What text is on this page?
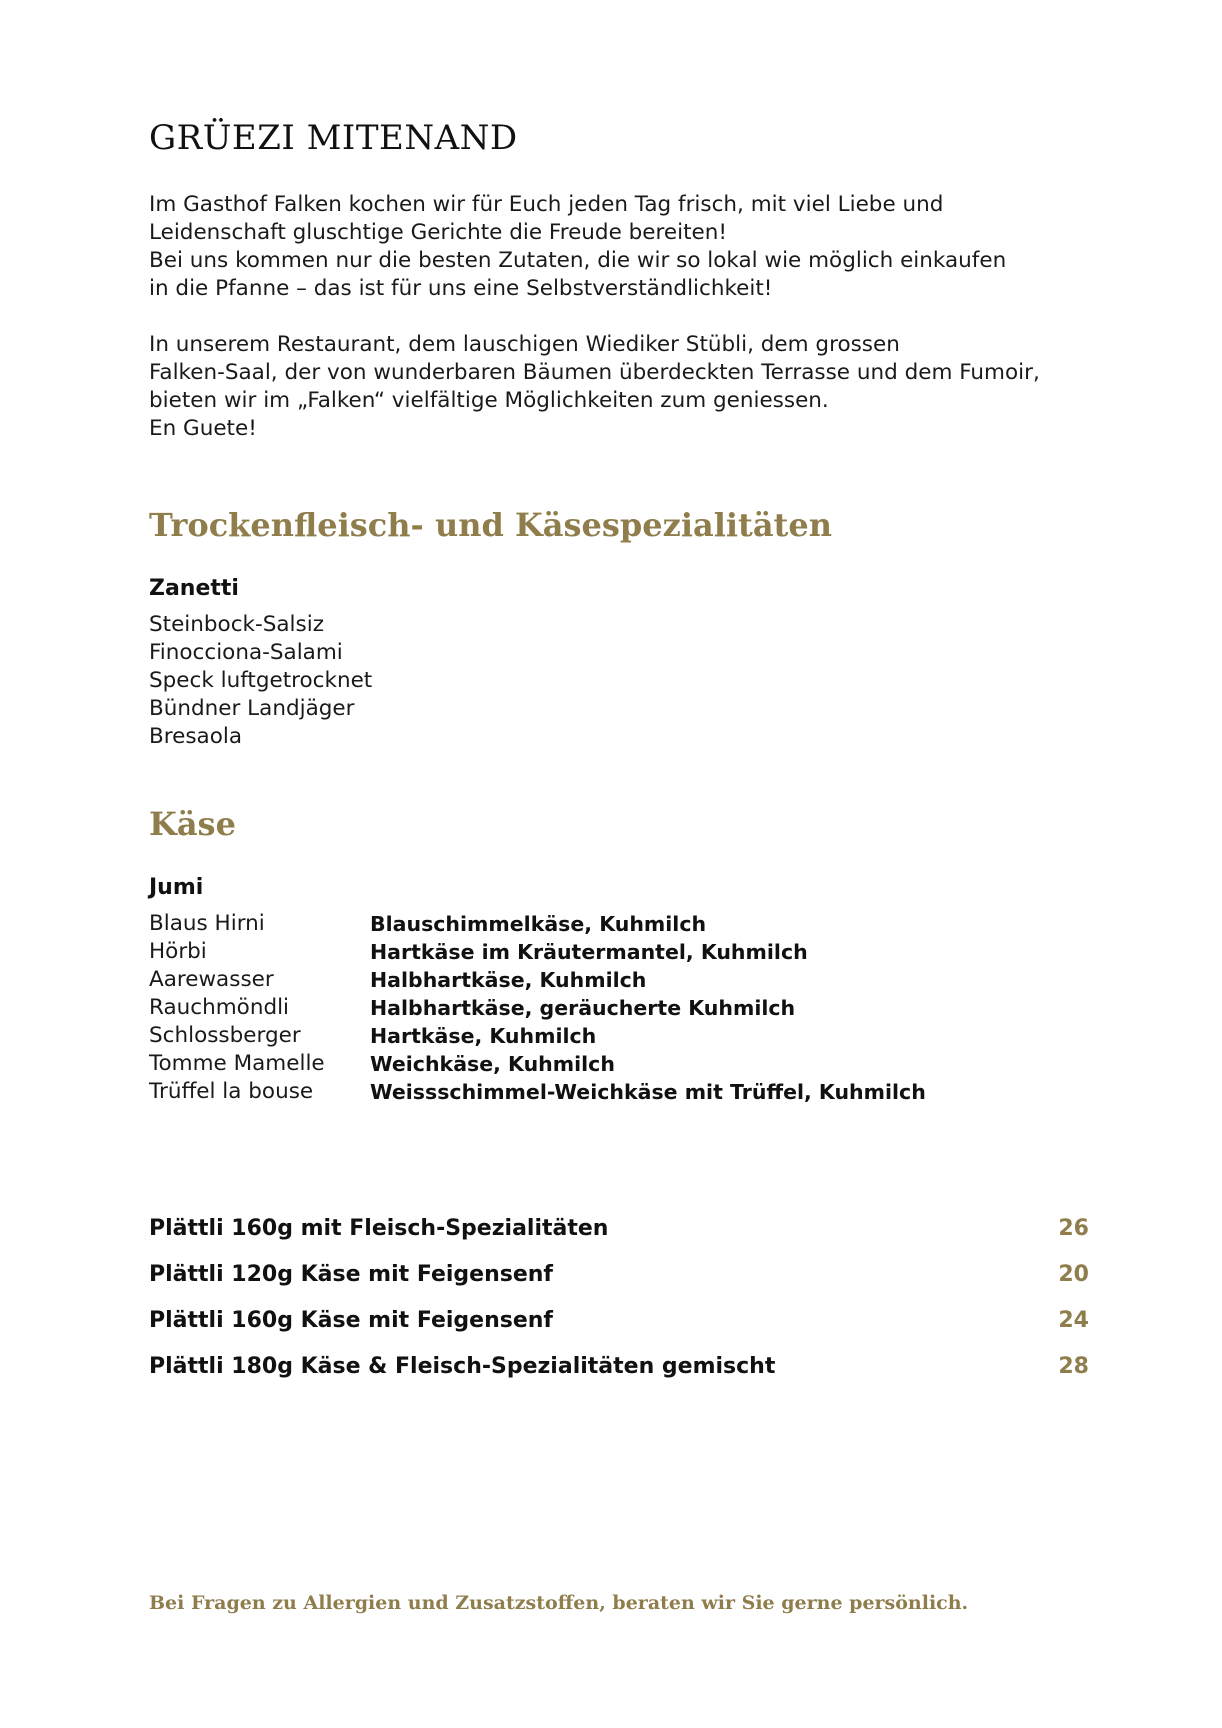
GRÜEZI MITENAND

Im Gasthof Falken kochen wir für Euch jeden Tag frisch, mit viel Liebe und
Leidenschaft gluschtige Gerichte die Freude bereiten!
Bei uns kommen nur die besten Zutaten, die wir so lokal wie möglich einkaufen
in die Pfanne – das ist für uns eine Selbstverständlichkeit!

In unserem Restaurant, dem lauschigen Wiediker Stübli, dem grossen
Falken-Saal, der von wunderbaren Bäumen überdeckten Terrasse und dem Fumoir,
bieten wir im „Falken“ vielfältige Möglichkeiten zum geniessen.
En Guete!

Trockenfleisch- und Käsespezialitäten
Zanetti
Steinbock-Salsiz
Finocciona-Salami
Speck luftgetrocknet
Bündner Landjäger
Bresaola
Käse
Jumi
Blaus Hirni	Blauschimmelkäse, Kuhmilch
Hörbi	Hartkäse im Kräutermantel, Kuhmilch
Aarewasser	Halbhartkäse, Kuhmilch
Rauchmöndli	Halbhartkäse, geräucherte Kuhmilch
Schlossberger	Hartkäse, Kuhmilch
Tomme Mamelle	Weichkäse, Kuhmilch
Trüffel la bouse	Weissschimmel-Weichkäse mit Trüffel, Kuhmilch
Plättli 160g mit Fleisch-Spezialitäten	26
Plättli 120g Käse mit Feigensenf	20
Plättli 160g Käse mit Feigensenf	24
Plättli 180g Käse & Fleisch-Spezialitäten gemischt	28

Bei Fragen zu Allergien und Zusatzstoffen, beraten wir Sie gerne persönlich.
